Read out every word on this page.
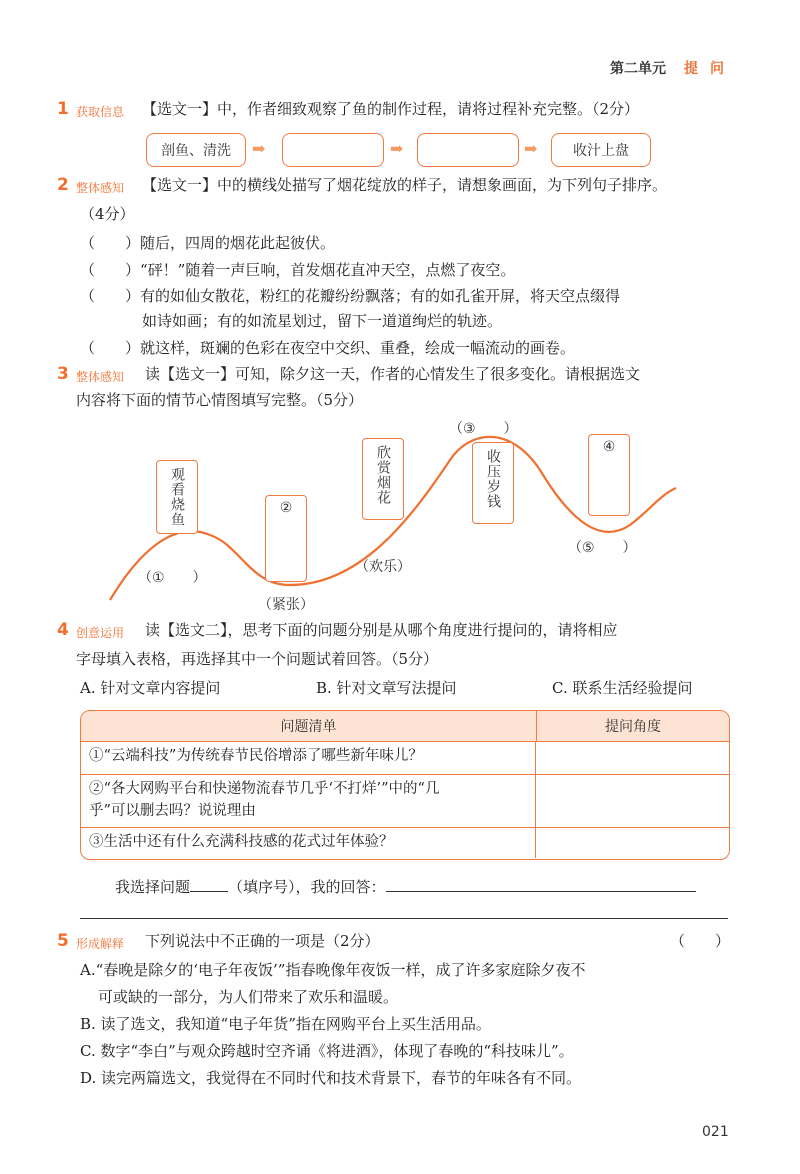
第二单元 提问
1 获取信息 【选文一】中，作者细致观察了鱼的制作过程，请将过程补充完整。（2分）
剖鱼、清洗	➡	➡	➡	收汁上盘
2 整体感知 【选文一】中的横线处描写了烟花绽放的样子，请想象画面，为下列句子排序。
（4分）
（　　）随后，四周的烟花此起彼伏。
（　　）“砰！”随着一声巨响，首发烟花直冲天空，点燃了夜空。
（　　）有的如仙女散花，粉红的花瓣纷纷飘落；有的如孔雀开屏，将天空点缀得
如诗如画；有的如流星划过，留下一道道绚烂的轨迹。
（　　）就这样，斑斓的色彩在夜空中交织、重叠，绘成一幅流动的画卷。
3 整体感知 读【选文一】可知，除夕这一天，作者的心情发生了很多变化。请根据选文
内容将下面的情节心情图填写完整。（5分）
观看烧鱼	②
欣赏烟花	收压岁钱
④
（①　　）
（紧张）
（欢乐）
（③　　）
（⑤　　）
4 创意运用 读【选文二】，思考下面的问题分别是从哪个角度进行提问的，请将相应
字母填入表格，再选择其中一个问题试着回答。（5分）
A. 针对文章内容提问	B. 针对文章写法提问	C. 联系生活经验提问
问题清单	提问角度
①“云端科技”为传统春节民俗增添了哪些新年味儿？
②“各大网购平台和快递物流春节几乎‘不打烊’”中的“几
乎”可以删去吗？说说理由
③生活中还有什么充满科技感的花式过年体验？
我选择问题	（填序号），我的回答：
5 形成解释 下列说法中不正确的一项是（2分）	（　　）
A.“春晚是除夕的‘电子年夜饭’”指春晚像年夜饭一样，成了许多家庭除夕夜不
可或缺的一部分，为人们带来了欢乐和温暖。
B. 读了选文，我知道“电子年货”指在网购平台上买生活用品。
C. 数字“李白”与观众跨越时空齐诵《将进酒》，体现了春晚的“科技味儿”。
D. 读完两篇选文，我觉得在不同时代和技术背景下，春节的年味各有不同。
021
